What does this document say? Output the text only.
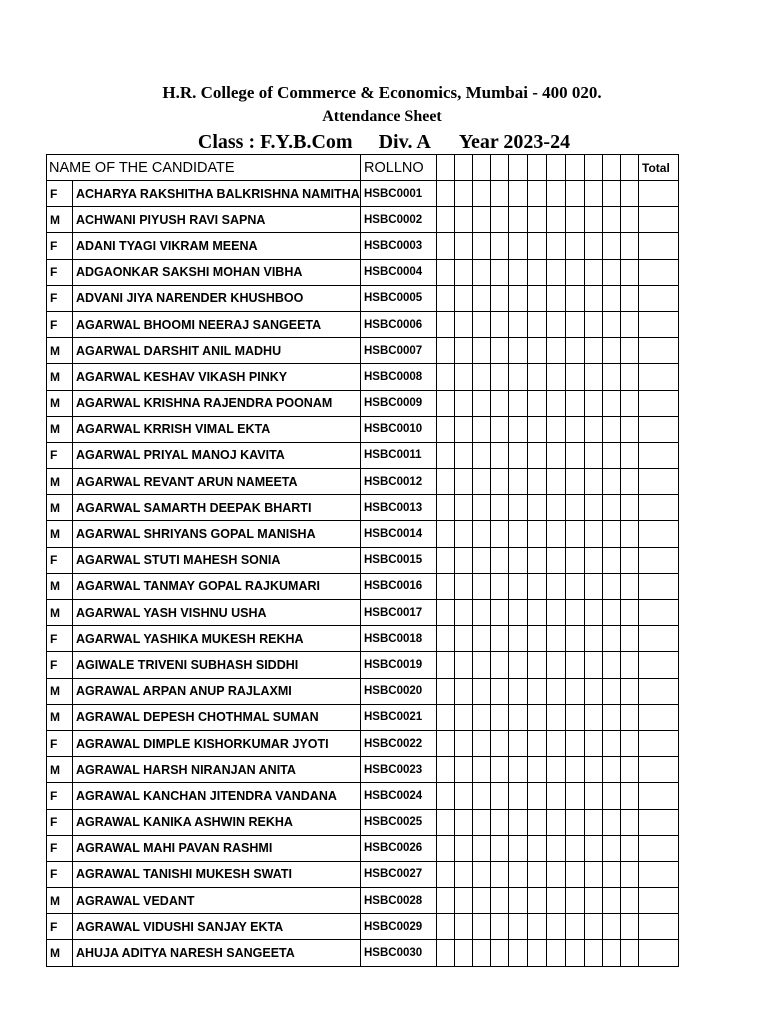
H.R. College of Commerce & Economics, Mumbai - 400 020.
Attendance Sheet
Class : F.Y.B.Com Div. A Year 2023-24
NAME OF THE CANDIDATE		ROLLNO												Total
F	ACHARYA RAKSHITHA BALKRISHNA NAMITHA	HSBC0001												
M	ACHWANI PIYUSH RAVI SAPNA	HSBC0002												
F	ADANI TYAGI VIKRAM MEENA	HSBC0003												
F	ADGAONKAR SAKSHI MOHAN VIBHA	HSBC0004												
F	ADVANI JIYA NARENDER KHUSHBOO	HSBC0005												
F	AGARWAL BHOOMI NEERAJ SANGEETA	HSBC0006												
M	AGARWAL DARSHIT ANIL MADHU	HSBC0007												
M	AGARWAL KESHAV VIKASH PINKY	HSBC0008												
M	AGARWAL KRISHNA RAJENDRA POONAM	HSBC0009												
M	AGARWAL KRRISH VIMAL EKTA	HSBC0010												
F	AGARWAL PRIYAL MANOJ KAVITA	HSBC0011												
M	AGARWAL REVANT ARUN NAMEETA	HSBC0012												
M	AGARWAL SAMARTH DEEPAK BHARTI	HSBC0013												
M	AGARWAL SHRIYANS GOPAL MANISHA	HSBC0014												
F	AGARWAL STUTI MAHESH SONIA	HSBC0015												
M	AGARWAL TANMAY GOPAL RAJKUMARI	HSBC0016												
M	AGARWAL YASH VISHNU USHA	HSBC0017												
F	AGARWAL YASHIKA MUKESH REKHA	HSBC0018												
F	AGIWALE TRIVENI SUBHASH SIDDHI	HSBC0019												
M	AGRAWAL ARPAN ANUP RAJLAXMI	HSBC0020												
M	AGRAWAL DEPESH CHOTHMAL SUMAN	HSBC0021												
F	AGRAWAL DIMPLE KISHORKUMAR JYOTI	HSBC0022												
M	AGRAWAL HARSH NIRANJAN ANITA	HSBC0023												
F	AGRAWAL KANCHAN JITENDRA VANDANA	HSBC0024												
F	AGRAWAL KANIKA ASHWIN REKHA	HSBC0025												
F	AGRAWAL MAHI PAVAN RASHMI	HSBC0026												
F	AGRAWAL TANISHI MUKESH SWATI	HSBC0027												
M	AGRAWAL VEDANT	HSBC0028												
F	AGRAWAL VIDUSHI SANJAY EKTA	HSBC0029												
M	AHUJA ADITYA NARESH SANGEETA	HSBC0030												
